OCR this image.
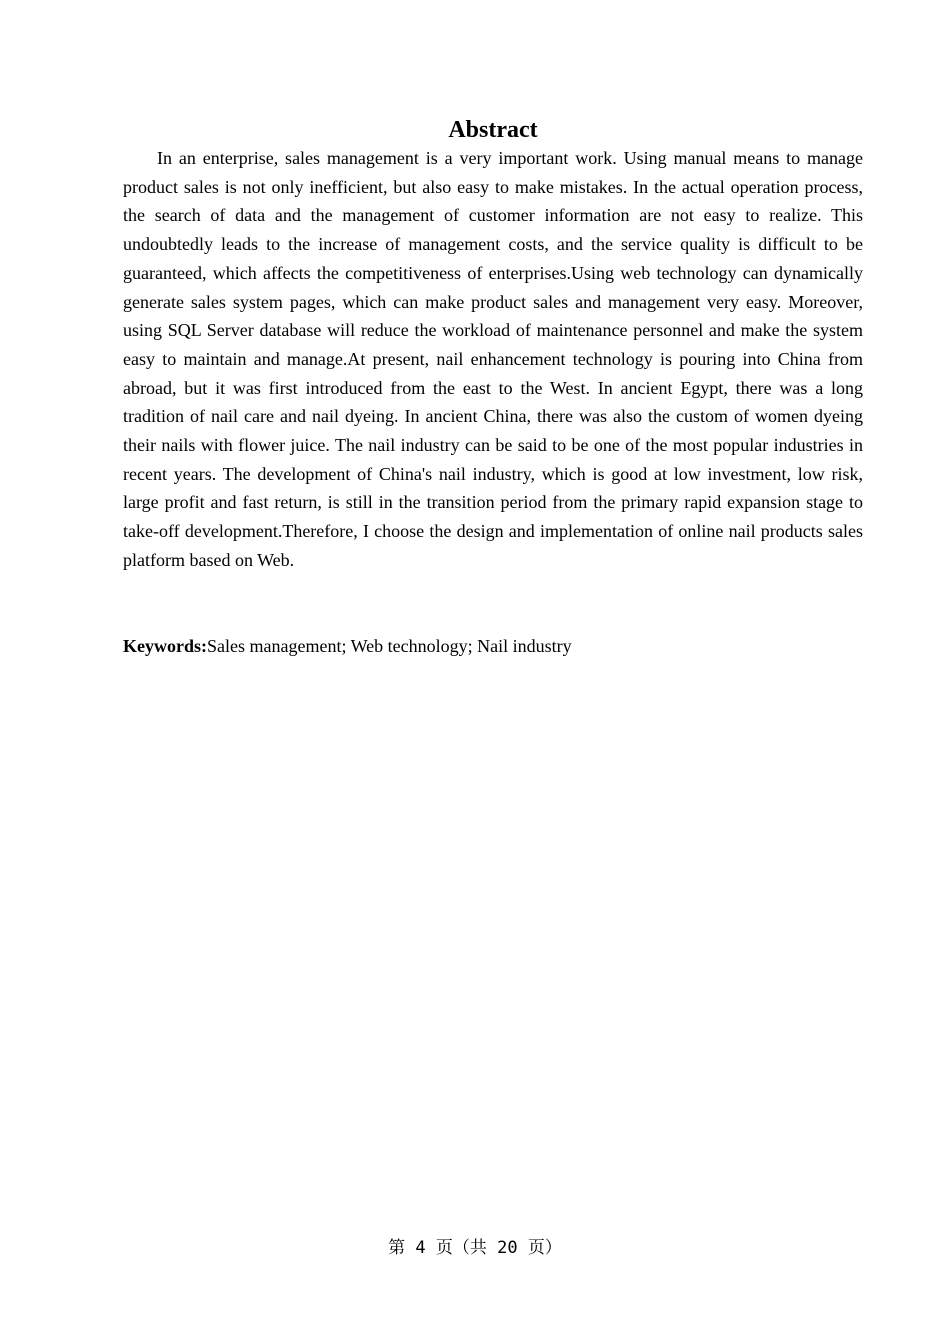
Abstract

In an enterprise, sales management is a very important work. Using manual means to manage product sales is not only inefficient, but also easy to make mistakes. In the actual operation process, the search of data and the management of customer information are not easy to realize. This undoubtedly leads to the increase of management costs, and the service quality is difficult to be guaranteed, which affects the competitiveness of enterprises.Using web technology can dynamically generate sales system pages, which can make product sales and management very easy. Moreover, using SQL Server database will reduce the workload of maintenance personnel and make the system easy to maintain and manage.At present, nail enhancement technology is pouring into China from abroad, but it was first introduced from the east to the West. In ancient Egypt, there was a long tradition of nail care and nail dyeing. In ancient China, there was also the custom of women dyeing their nails with flower juice. The nail industry can be said to be one of the most popular industries in recent years. The development of China's nail industry, which is good at low investment, low risk, large profit and fast return, is still in the transition period from the primary rapid expansion stage to take-off development.Therefore, I choose the design and implementation of online nail products sales platform based on Web.

Keywords:Sales management; Web technology; Nail industry

第 4 页（共 20 页）
